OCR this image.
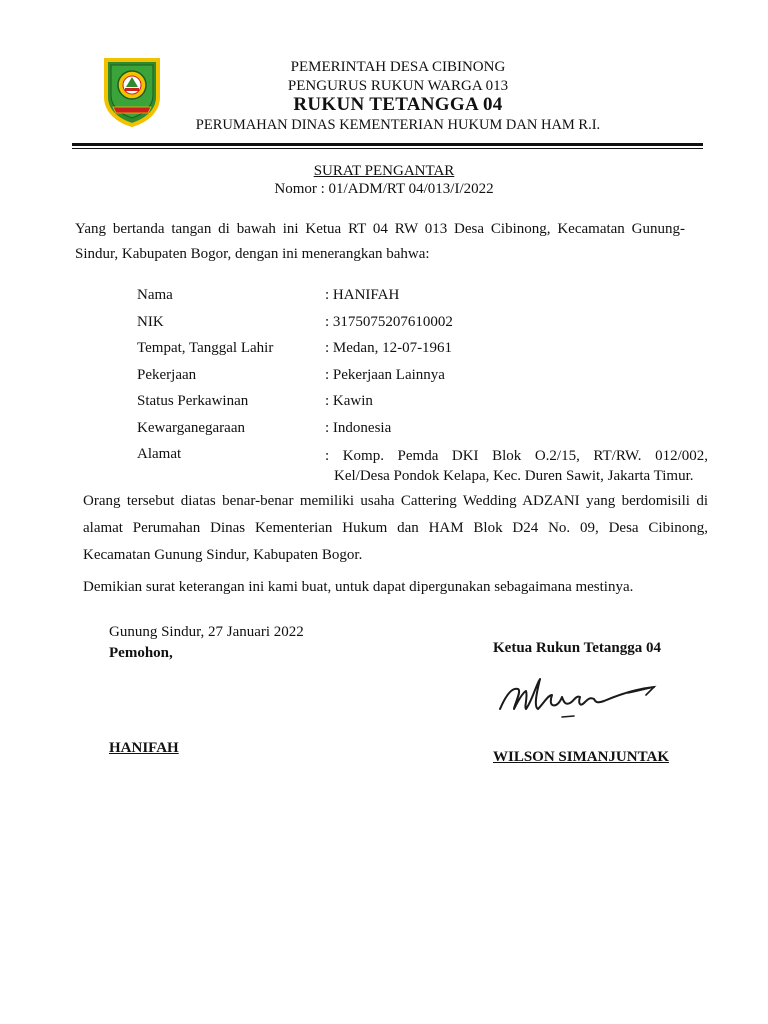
PEMERINTAH DESA CIBINONG
PENGURUS RUKUN WARGA 013
RUKUN TETANGGA 04
PERUMAHAN DINAS KEMENTERIAN HUKUM DAN HAM R.I.
SURAT PENGANTAR
Nomor : 01/ADM/RT 04/013/I/2022
Yang bertanda tangan di bawah ini Ketua RT 04 RW 013 Desa Cibinong, Kecamatan Gunung-
Sindur, Kabupaten Bogor, dengan ini menerangkan bahwa:
Nama	: HANIFAH
NIK	: 3175075207610002
Tempat, Tanggal Lahir	: Medan, 12-07-1961
Pekerjaan	: Pekerjaan Lainnya
Status Perkawinan	: Kawin
Kewarganegaraan	: Indonesia
Alamat	: Komp. Pemda DKI Blok O.2/15, RT/RW. 012/002,
Kel/Desa Pondok Kelapa, Kec. Duren Sawit, Jakarta Timur.
Orang tersebut diatas benar-benar memiliki usaha Cattering Wedding ADZANI yang berdomisili di
alamat Perumahan Dinas Kementerian Hukum dan HAM Blok D24 No. 09, Desa Cibinong,
Kecamatan Gunung Sindur, Kabupaten Bogor.
Demikian surat keterangan ini kami buat, untuk dapat dipergunakan sebagaimana mestinya.
Gunung Sindur, 27 Januari 2022
Pemohon,	Ketua Rukun Tetangga 04
HANIFAH
WILSON SIMANJUNTAK
